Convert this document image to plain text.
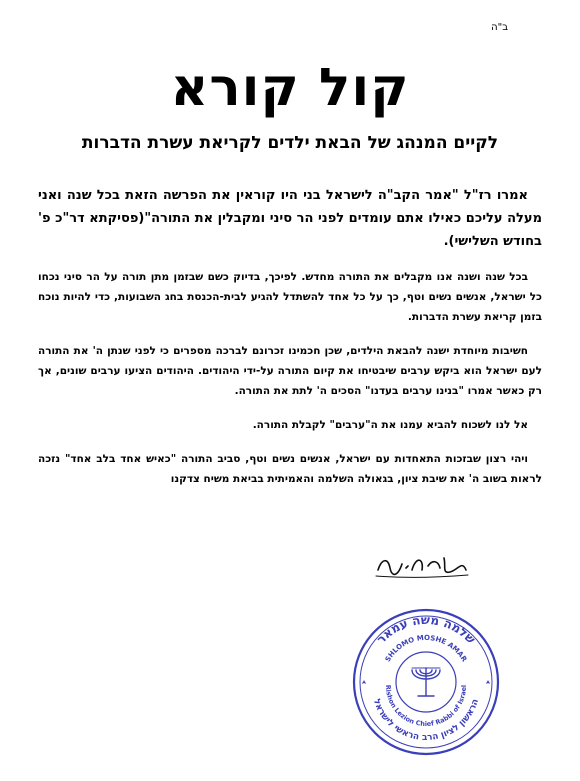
ב"ה
קול קורא
לקיים המנהג של הבאת ילדים לקריאת עשרת הדברות

אמרו רז"ל "אמר הקב"ה לישראל בני היו קוראין את הפרשה הזאת בכל שנה ואני מעלה עליכם כאילו אתם עומדים לפני הר סיני ומקבלין את התורה"(פסיקתא דר"כ פ' בחודש השלישי).

בכל שנה ושנה אנו מקבלים את התורה מחדש. לפיכך, בדיוק כשם שבזמן מתן תורה על הר סיני נכחו כל ישראל, אנשים נשים וטף, כך על כל אחד להשתדל להגיע לבית-הכנסת בחג השבועות, כדי להיות נוכח בזמן קריאת עשרת הדברות.

חשיבות מיוחדת ישנה להבאת הילדים, שכן חכמינו זכרונם לברכה מספרים כי לפני שנתן ה' את התורה לעם ישראל הוא ביקש ערבים שיבטיחו את קיום התורה על-ידי היהודים. היהודים הציעו ערבים שונים, אך רק כאשר אמרו "בנינו ערבים בעדנו" הסכים ה' לתת את התורה.

אל לנו לשכוח להביא עמנו את ה"ערבים" לקבלת התורה.

ויהי רצון שבזכות התאחדות עם ישראל, אנשים נשים וטף, סביב התורה "כאיש אחד בלב אחד" נזכה לראות בשוב ה' את שיבת ציון, בגאולה השלמה והאמיתית בביאת משיח צדקנו

שלמה משה עמאר
SHLOMO MOSHE AMAR
Rishon Lezion Chief Rabbi of Israel
הראשון לציון הרב הראשי לישראל
